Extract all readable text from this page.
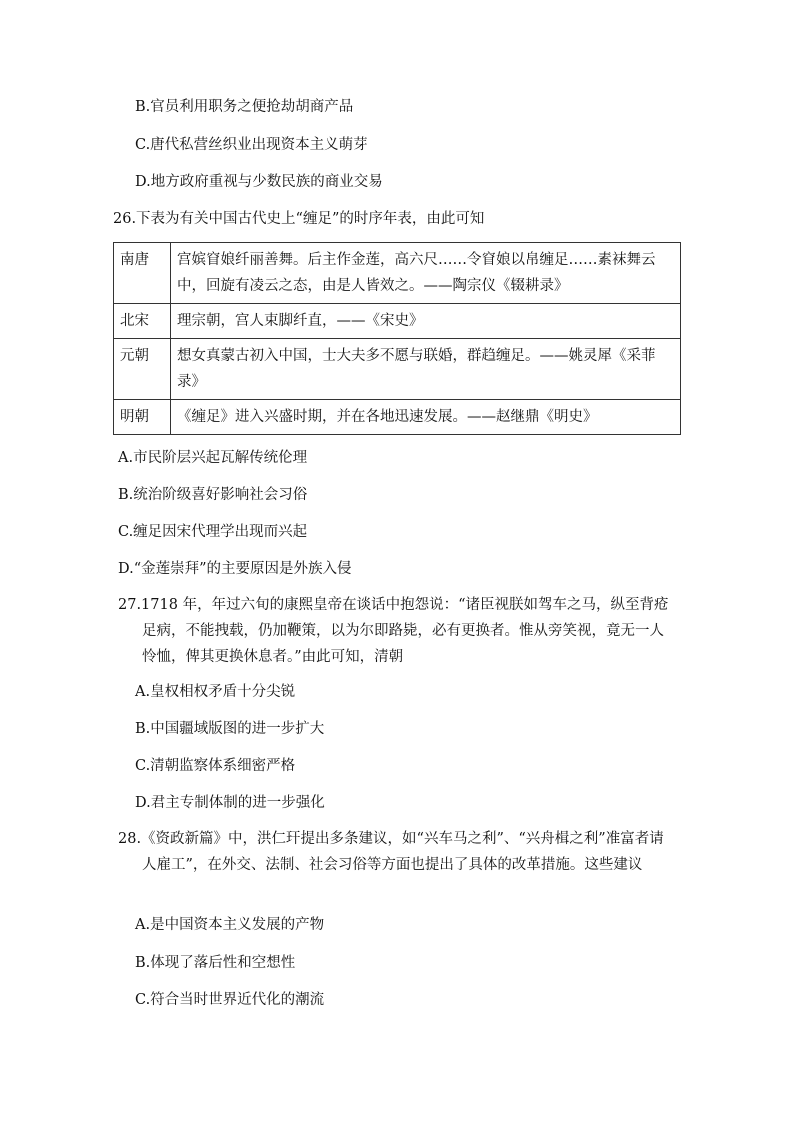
B.官员利用职务之便抢劫胡商产品
C.唐代私营丝织业出现资本主义萌芽
D.地方政府重视与少数民族的商业交易
26.下表为有关中国古代史上“缠足”的时序年表，由此可知
南唐	宫嫔窅娘纤丽善舞。后主作金莲，高六尺……令窅娘以帛缠足……素袜舞云中，回旋有凌云之态，由是人皆效之。——陶宗仪《辍耕录》
北宋	理宗朝，宫人束脚纤直，——《宋史》
元朝	想女真蒙古初入中国，士大夫多不愿与联婚，群趋缠足。——姚灵犀《采菲录》
明朝	《缠足》进入兴盛时期，并在各地迅速发展。——赵继鼎《明史》
A.市民阶层兴起瓦解传统伦理
B.统治阶级喜好影响社会习俗
C.缠足因宋代理学出现而兴起
D.“金莲崇拜”的主要原因是外族入侵
27.1718 年，年过六旬的康熙皇帝在谈话中抱怨说：“诸臣视朕如驾车之马，纵至背疮足病，不能拽载，仍加鞭策，以为尔即路毙，必有更换者。惟从旁笑视，竟无一人怜恤，俾其更换休息者。”由此可知，清朝
A.皇权相权矛盾十分尖锐
B.中国疆域版图的进一步扩大
C.清朝监察体系细密严格
D.君主专制体制的进一步强化
28.《资政新篇》中，洪仁玕提出多条建议，如“兴车马之利”、“兴舟楫之利”准富者请人雇工”，在外交、法制、社会习俗等方面也提出了具体的改革措施。这些建议
A.是中国资本主义发展的产物
B.体现了落后性和空想性
C.符合当时世界近代化的潮流
